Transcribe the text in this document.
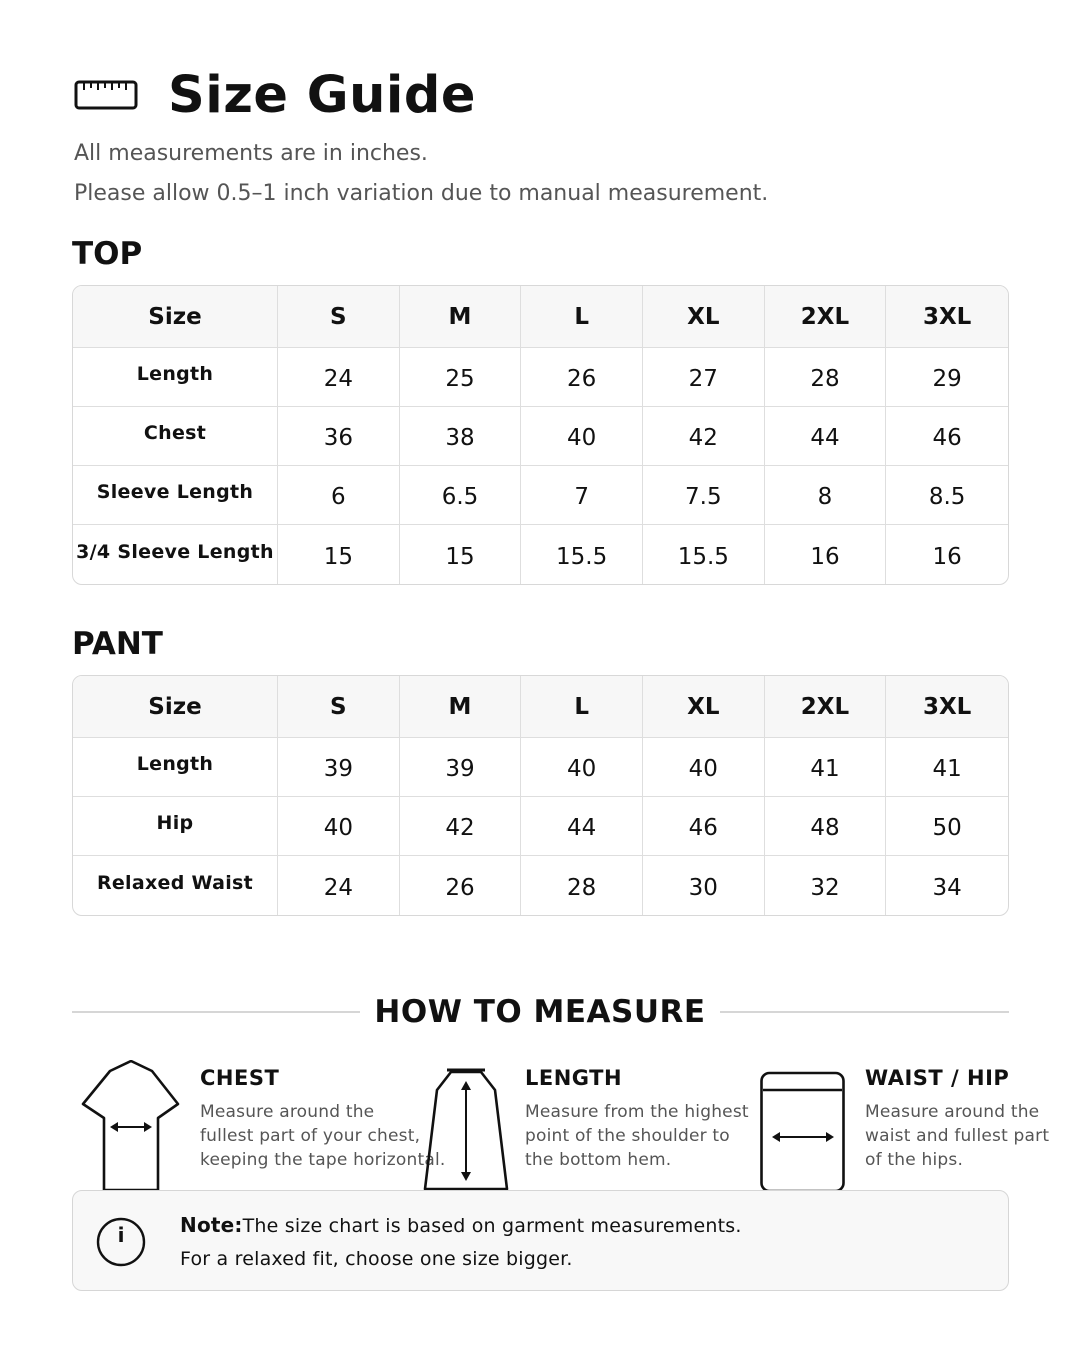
Size Guide
All measurements are in inches.
Please allow 0.5–1 inch variation due to manual measurement.
TOP
Size	S	M	L	XL	2XL	3XL
Length	24	25	26	27	28	29
Chest	36	38	40	42	44	46
Sleeve Length	6	6.5	7	7.5	8	8.5
3/4 Sleeve Length	15	15	15.5	15.5	16	16
PANT
Size	S	M	L	XL	2XL	3XL
Length	39	39	40	40	41	41
Hip	40	42	44	46	48	50
Relaxed Waist	24	26	28	30	32	34
HOW TO MEASURE
CHEST
Measure around the
fullest part of your chest,
keeping the tape horizontal.
LENGTH
Measure from the highest
point of the shoulder to
the bottom hem.
WAIST / HIP
Measure around the
waist and fullest part
of the hips.
i	Note:The size chart is based on garment measurements.
For a relaxed fit, choose one size bigger.
